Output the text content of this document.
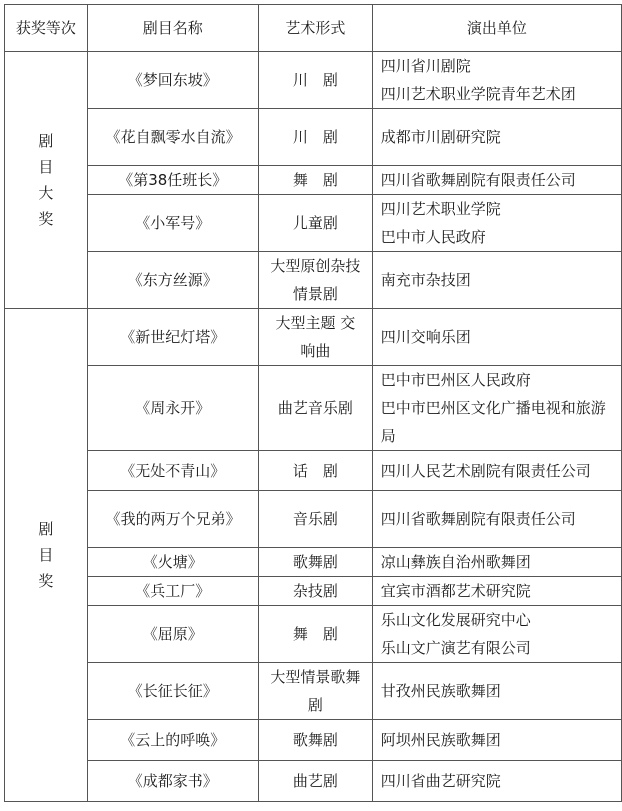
获奖等次	剧目名称	艺术形式	演出单位
剧目大奖	《梦回东坡》	川　剧	四川省川剧院
四川艺术职业学院青年艺术团

	《花自飘零水自流》	川　剧	成都市川剧研究院

	《第38任班长》	舞　剧	四川省歌舞剧院有限责任公司

	《小军号》	儿童剧	四川艺术职业学院
巴中市人民政府

	《东方丝源》	大型原创杂技情景剧	南充市杂技团

剧目奖	《新世纪灯塔》	大型主题 交响曲	四川交响乐团

	《周永开》	曲艺音乐剧	巴中市巴州区人民政府
巴中市巴州区文化广播电视和旅游局

	《无处不青山》	话　剧	四川人民艺术剧院有限责任公司

	《我的两万个兄弟》	音乐剧	四川省歌舞剧院有限责任公司

	《火塘》	歌舞剧	凉山彝族自治州歌舞团

	《兵工厂》	杂技剧	宜宾市酒都艺术研究院

	《屈原》	舞　剧	乐山文化发展研究中心
乐山文广演艺有限公司

	《长征长征》	大型情景歌舞剧	甘孜州民族歌舞团

	《云上的呼唤》	歌舞剧	阿坝州民族歌舞团

	《成都家书》	曲艺剧	四川省曲艺研究院
